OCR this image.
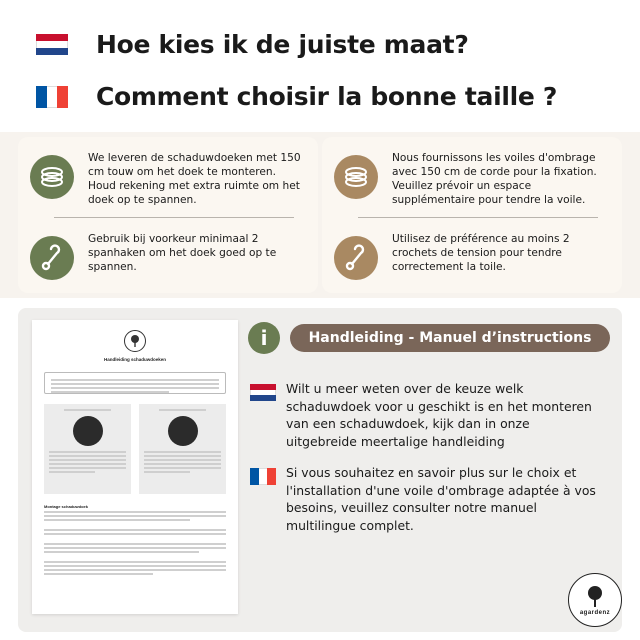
Hoe kies ik de juiste maat?
Comment choisir la bonne taille ?
We leveren de schaduwdoeken met 150 cm touw om het doek te monteren. Houd rekening met extra ruimte om het doek op te spannen.
Gebruik bij voorkeur minimaal 2 spanhaken om het doek goed op te spannen.
Nous fournissons les voiles d'ombrage avec 150 cm de corde pour la fixation. Veuillez prévoir un espace supplémentaire pour tendre la voile.
Utilisez de préférence au moins 2 crochets de tension pour tendre correctement la toile.
Handleiding schaduwdoeken
Montage schaduwdoek
i	Handleiding - Manuel d’instructions

Wilt u meer weten over de keuze welk schaduwdoek voor u geschikt is en het monteren van een schaduwdoek, kijk dan in onze uitgebreide meertalige handleiding

Si vous souhaitez en savoir plus sur le choix et l'installation d'une voile d'ombrage adaptée à vos besoins, veuillez consulter notre manuel multilingue complet.

agardenz
